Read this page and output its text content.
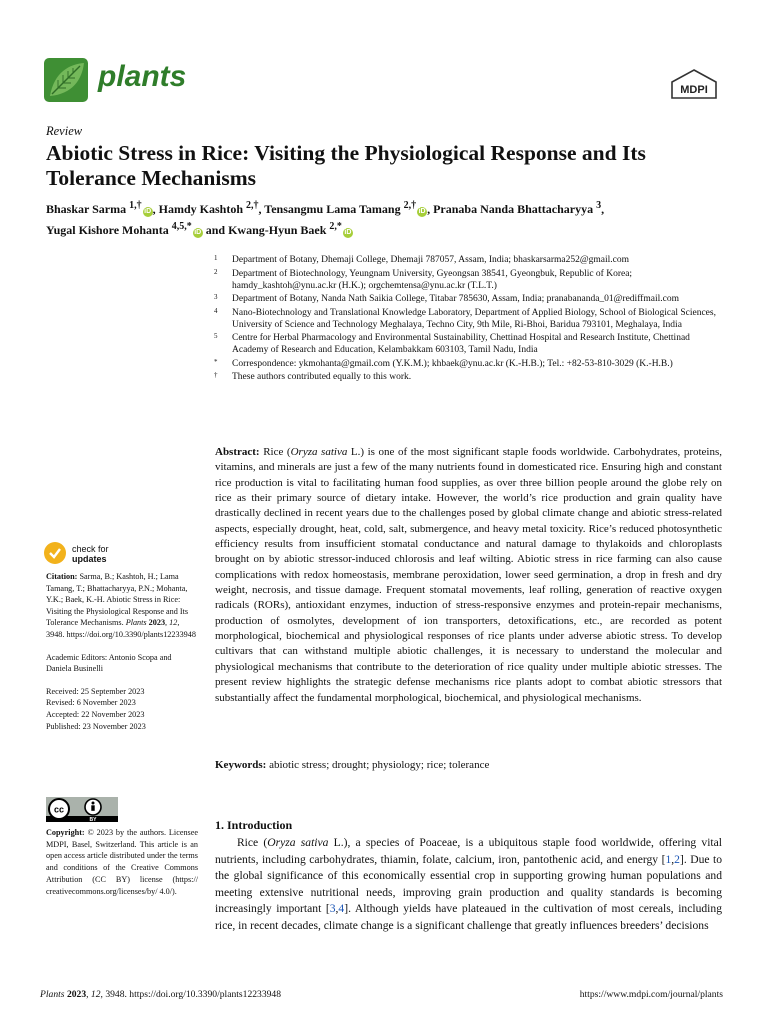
plants	MDPI
Review
Abiotic Stress in Rice: Visiting the Physiological Response and Its Tolerance Mechanisms
Bhaskar Sarma $^{1,\dagger}$iD , Hamdy Kashtoh $^{2,\dagger}$, Tensangmu Lama Tamang $^{2,\dagger}$iD , Pranaba Nanda Bhattacharyya $^3$,
Yugal Kishore Mohanta $^{4,5,*}$iD and Kwang-Hyun Baek $^{2,*}$iD
1 Department of Botany, Dhemaji College, Dhemaji 787057, Assam, India; bhaskarsarma252@gmail.com
2 Department of Biotechnology, Yeungnam University, Gyeongsan 38541, Gyeongbuk, Republic of Korea; hamdy_kashtoh@ynu.ac.kr (H.K.); orgchemtensa@ynu.ac.kr (T.L.T.)
3 Department of Botany, Nanda Nath Saikia College, Titabar 785630, Assam, India; pranabananda_01@rediffmail.com
4 Nano-Biotechnology and Translational Knowledge Laboratory, Department of Applied Biology, School of Biological Sciences, University of Science and Technology Meghalaya, Techno City, 9th Mile, Ri-Bhoi, Baridua 793101, Meghalaya, India
5 Centre for Herbal Pharmacology and Environmental Sustainability, Chettinad Hospital and Research Institute, Chettinad Academy of Research and Education, Kelambakkam 603103, Tamil Nadu, India
* Correspondence: ykmohanta@gmail.com (Y.K.M.); khbaek@ynu.ac.kr (K.-H.B.); Tel.: +82-53-810-3029 (K.-H.B.)
† These authors contributed equally to this work.
Abstract: Rice (Oryza sativa L.) is one of the most significant staple foods worldwide. Carbohydrates, proteins, vitamins, and minerals are just a few of the many nutrients found in domesticated rice. Ensuring high and constant rice production is vital to facilitating human food supplies, as over three billion people around the globe rely on rice as their primary source of dietary intake. However, the world’s rice production and grain quality have drastically declined in recent years due to the challenges posed by global climate change and abiotic stress-related aspects, especially drought, heat, cold, salt, submergence, and heavy metal toxicity. Rice’s reduced photosynthetic efficiency results from insufficient stomatal conductance and natural damage to thylakoids and chloroplasts brought on by abiotic stressor-induced chlorosis and leaf wilting. Abiotic stress in rice farming can also cause complications with redox homeostasis, membrane peroxidation, lower seed germination, a drop in fresh and dry weight, necrosis, and tissue damage. Frequent stomatal movements, leaf rolling, generation of reactive oxygen radicals (RORs), antioxidant enzymes, induction of stress-responsive enzymes and protein-repair mechanisms, production of osmolytes, development of ion transporters, detoxifications, etc., are recorded as potent morphological, biochemical and physiological responses of rice plants under adverse abiotic stress. To develop cultivars that can withstand multiple abiotic challenges, it is necessary to understand the molecular and physiological mechanisms that contribute to the deterioration of rice quality under multiple abiotic stresses. The present review highlights the strategic defense mechanisms rice plants adopt to combat abiotic stressors that substantially affect the fundamental morphological, biochemical, and physiological mechanisms.
Keywords: abiotic stress; drought; physiology; rice; tolerance
check for
updates

Citation: Sarma, B.; Kashtoh, H.; Lama Tamang, T.; Bhattacharyya, P.N.; Mohanta, Y.K.; Baek, K.-H. Abiotic Stress in Rice: Visiting the Physiological Response and Its Tolerance Mechanisms. Plants 2023, 12, 3948. https://doi.org/10.3390/plants12233948

Academic Editors: Antonio Scopa and Daniela Businelli

Received: 25 September 2023
Revised: 6 November 2023
Accepted: 22 November 2023
Published: 23 November 2023

cc
BY
Copyright: © 2023 by the authors. Licensee MDPI, Basel, Switzerland. This article is an open access article distributed under the terms and conditions of the Creative Commons Attribution (CC BY) license (https:// creativecommons.org/licenses/by/ 4.0/).
1. Introduction
   Rice (Oryza sativa L.), a species of Poaceae, is a ubiquitous staple food worldwide, offering vital nutrients, including carbohydrates, thiamin, folate, calcium, iron, pantothenic acid, and energy [1,2]. Due to the global significance of this economically essential crop in supporting growing human populations and meeting extensive nutritional needs, improving grain production and quality standards is becoming increasingly important [3,4]. Although yields have plateaued in the cultivation of most cereals, including rice, in recent decades, climate change is a significant challenge that greatly influences breeders’ decisions
Plants 2023, 12, 3948. https://doi.org/10.3390/plants12233948	https://www.mdpi.com/journal/plants
